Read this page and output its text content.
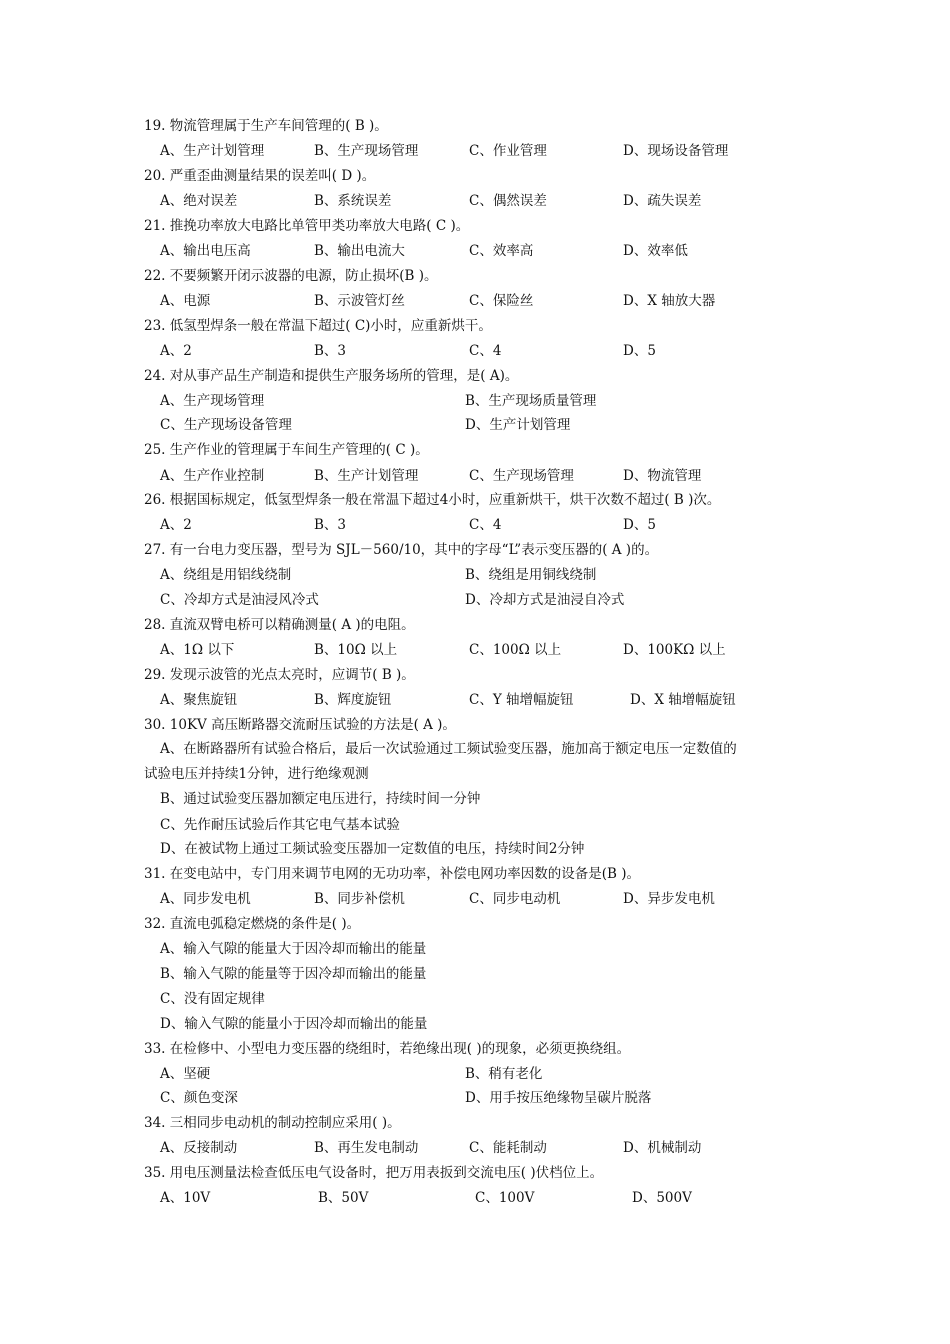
19. 物流管理属于生产车间管理的( B )。
A、生产计划管理	B、生产现场管理	C、作业管理	D、现场设备管理
20. 严重歪曲测量结果的误差叫( D )。
A、绝对误差	B、系统误差	C、偶然误差	D、疏失误差
21. 推挽功率放大电路比单管甲类功率放大电路( C )。
A、输出电压高	B、输出电流大	C、效率高	D、效率低
22. 不要频繁开闭示波器的电源，防止损坏(B )。
A、电源	B、示波管灯丝	C、保险丝	D、X 轴放大器
23. 低氢型焊条一般在常温下超过( C)小时，应重新烘干。
A、2	B、3	C、4	D、5
24. 对从事产品生产制造和提供生产服务场所的管理，是( A)。
A、生产现场管理	B、生产现场质量管理
C、生产现场设备管理	D、生产计划管理
25. 生产作业的管理属于车间生产管理的( C )。
A、生产作业控制	B、生产计划管理	C、生产现场管理	D、物流管理
26. 根据国标规定，低氢型焊条一般在常温下超过4小时，应重新烘干，烘干次数不超过( B )次。
A、2	B、3	C、4	D、5
27. 有一台电力变压器，型号为 SJL－560/10，其中的字母“L”表示变压器的( A )的。
A、绕组是用铝线绕制	B、绕组是用铜线绕制
C、冷却方式是油浸风冷式	D、冷却方式是油浸自冷式
28. 直流双臂电桥可以精确测量( A )的电阻。
A、1Ω 以下	B、10Ω 以上	C、100Ω 以上	D、100KΩ 以上
29. 发现示波管的光点太亮时，应调节( B )。
A、聚焦旋钮	B、辉度旋钮	C、Y 轴增幅旋钮	D、X 轴增幅旋钮
30. 10KV 高压断路器交流耐压试验的方法是( A )。
A、在断路器所有试验合格后，最后一次试验通过工频试验变压器，施加高于额定电压一定数值的
试验电压并持续1分钟，进行绝缘观测
B、通过试验变压器加额定电压进行，持续时间一分钟
C、先作耐压试验后作其它电气基本试验
D、在被试物上通过工频试验变压器加一定数值的电压，持续时间2分钟
31. 在变电站中，专门用来调节电网的无功功率，补偿电网功率因数的设备是(B )。
A、同步发电机	B、同步补偿机	C、同步电动机	D、异步发电机
32. 直流电弧稳定燃烧的条件是( )。
A、输入气隙的能量大于因冷却而输出的能量
B、输入气隙的能量等于因冷却而输出的能量
C、没有固定规律
D、输入气隙的能量小于因冷却而输出的能量
33. 在检修中、小型电力变压器的绕组时，若绝缘出现( )的现象，必须更换绕组。
A、坚硬	B、稍有老化
C、颜色变深	D、用手按压绝缘物呈碳片脱落
34. 三相同步电动机的制动控制应采用( )。
A、反接制动	B、再生发电制动	C、能耗制动	D、机械制动
35. 用电压测量法检查低压电气设备时，把万用表扳到交流电压( )伏档位上。
A、10V	B、50V	C、100V	D、500V
